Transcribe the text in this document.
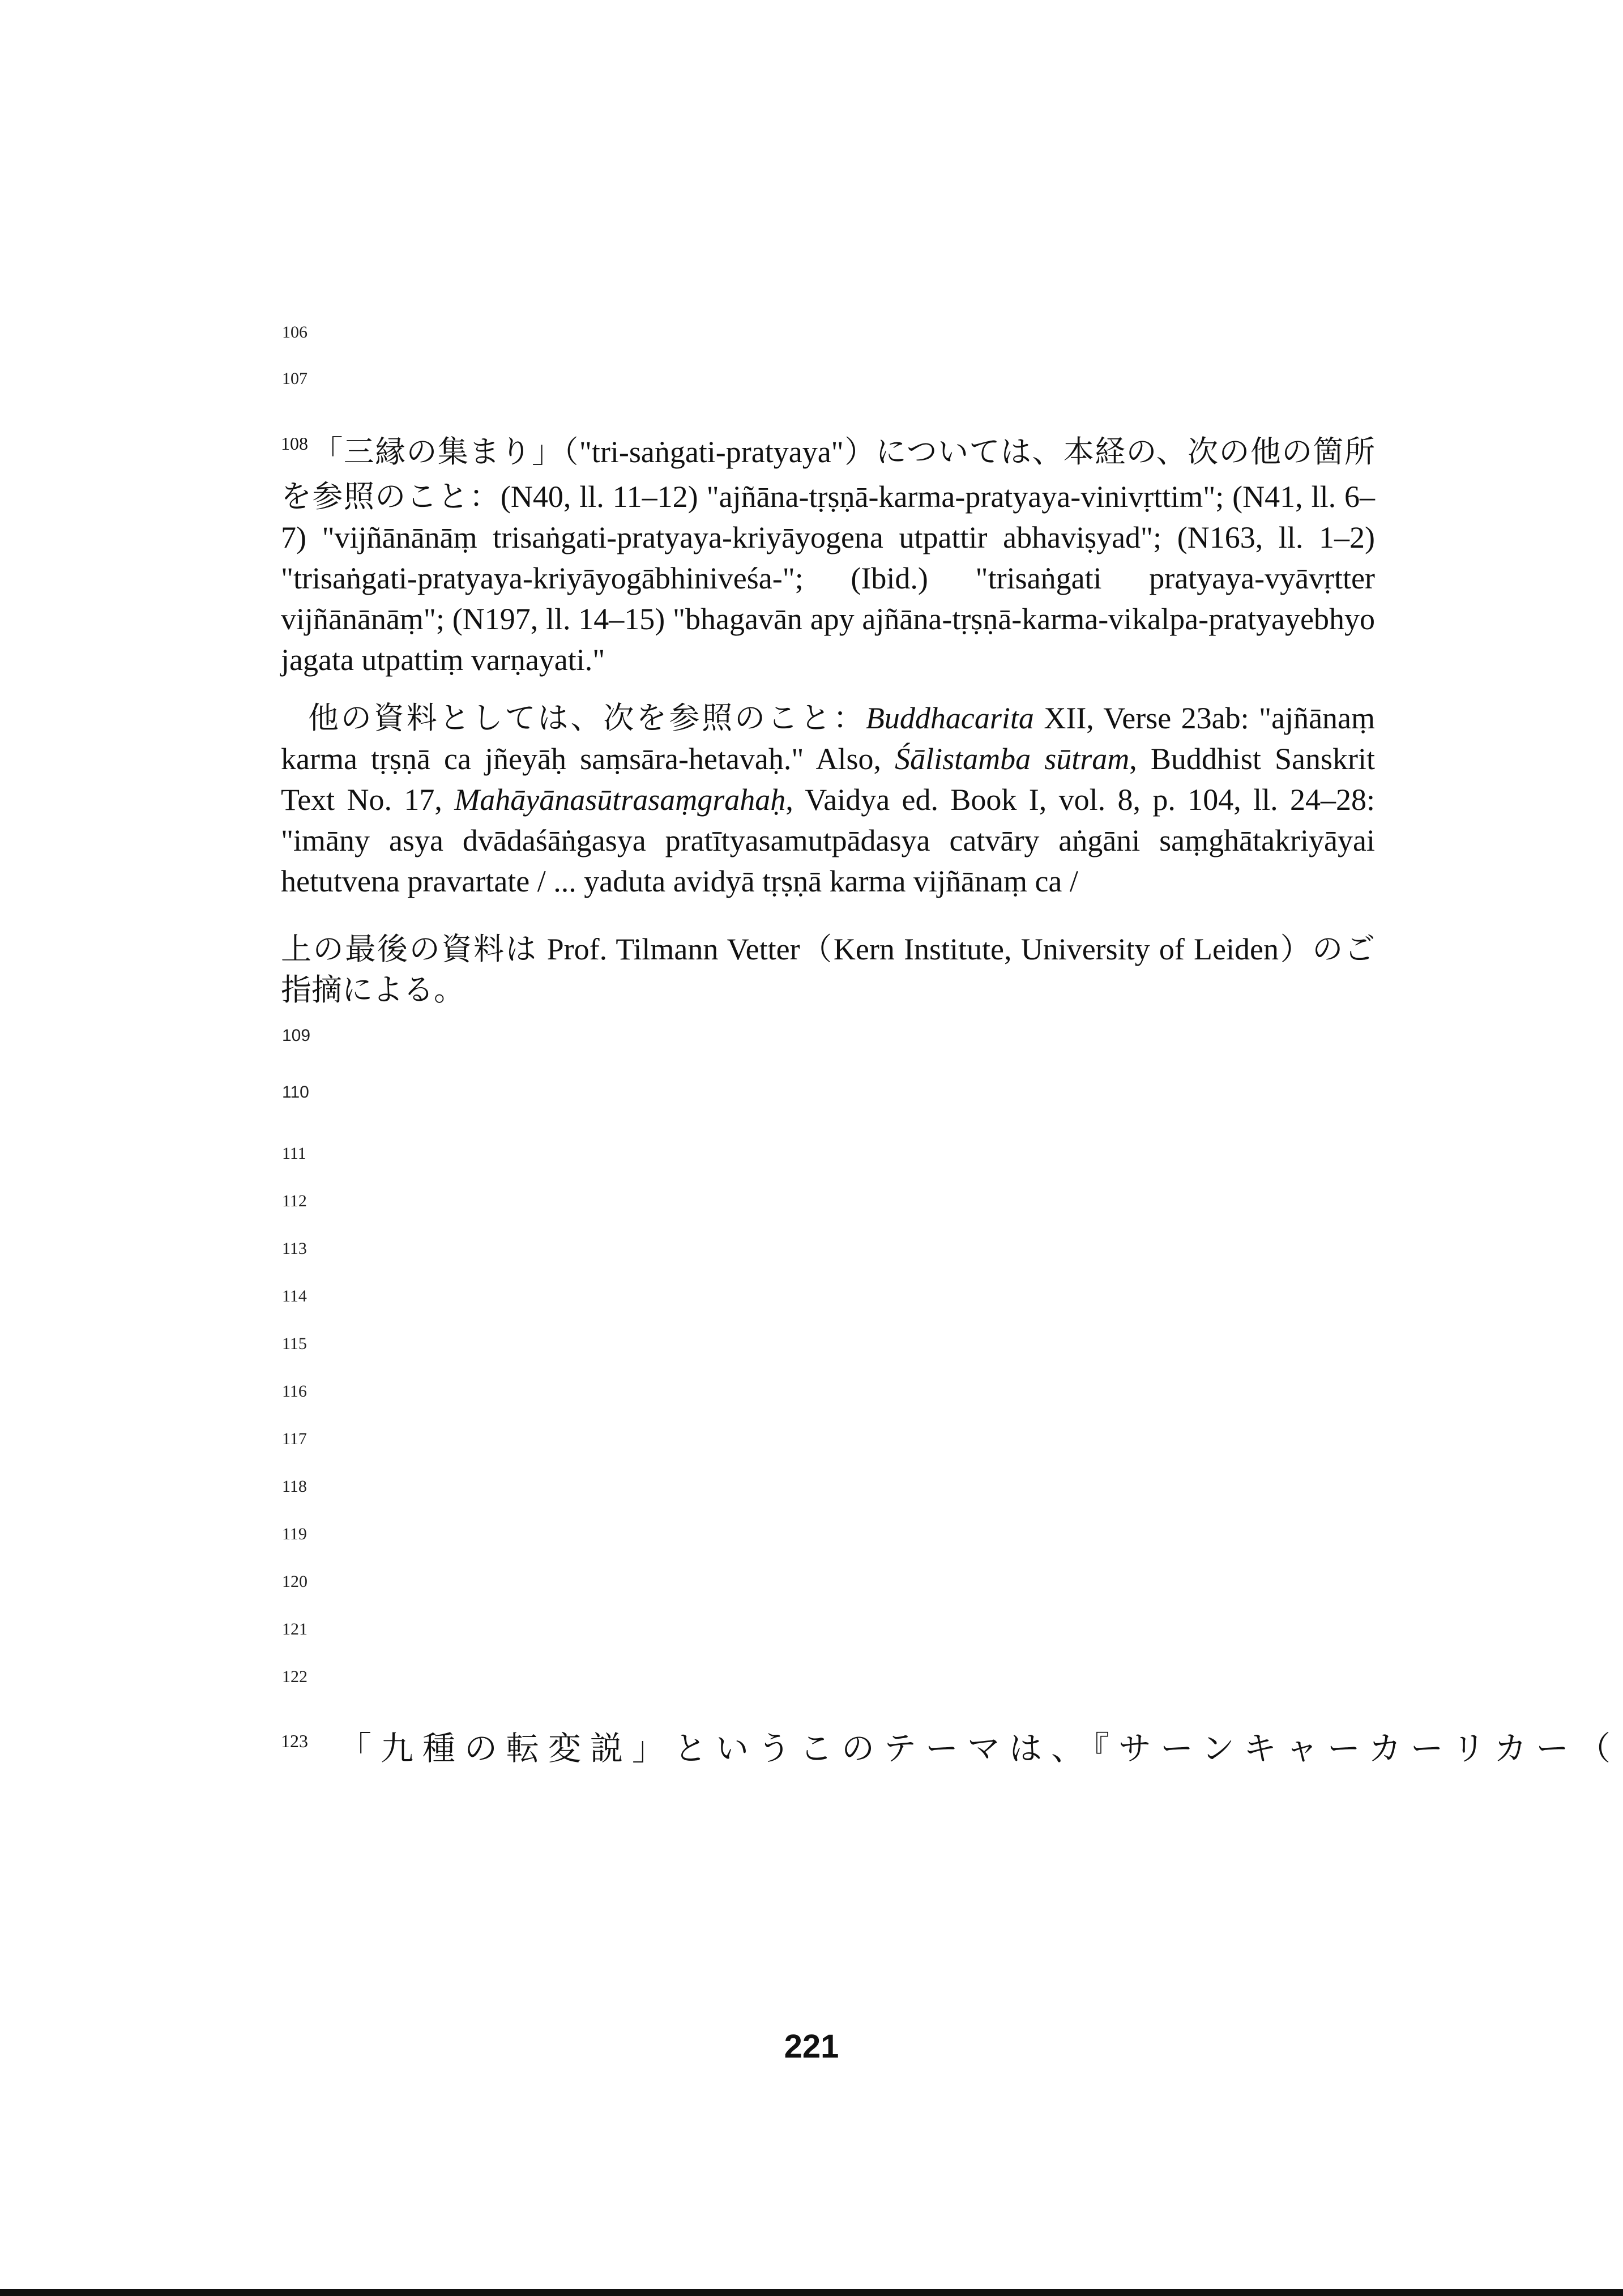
106
107
$^{108}$ 「三縁の集まり」（"tri-saṅgati-pratyaya"）については、本経の、次の他の箇所を参照のこと：(N40, ll. 11–12) "ajñāna-tṛṣṇā-karma-pratyaya-vinivṛttim"; (N41, ll. 6–7) "vijñānānāṃ trisaṅgati-pratyaya-kriyāyogena utpattir abhaviṣyad"; (N163, ll. 1–2) "trisaṅgati-pratyaya-kriyāyogābhiniveśa-"; (Ibid.) "trisaṅgati pratyaya-vyāvṛtter vijñānānāṃ"; (N197, ll. 14–15) "bhagavān apy ajñāna-tṛṣṇā-karma-vikalpa-pratyayebhyo jagata utpattiṃ varṇayati."
他の資料としては、次を参照のこと：Buddhacarita XII, Verse 23ab: "ajñānaṃ karma tṛṣṇā ca jñeyāḥ saṃsāra-hetavaḥ." Also, Śālistamba sūtram, Buddhist Sanskrit Text No. 17, Mahāyānasūtrasaṃgrahaḥ, Vaidya ed. Book I, vol. 8, p. 104, ll. 24–28: "imāny asya dvādaśāṅgasya pratītyasamutpādasya catvāry aṅgāni saṃghātakriyāyai hetutvena pravartate / ... yaduta avidyā tṛṣṇā karma vijñānaṃ ca /
上の最後の資料は Prof. Tilmann Vetter（Kern Institute, University of Leiden）のご指摘による。
109
110
111
112
113
114
115
116
117
118
119
120
121
122
$^{123}$ 「九種の転変説」というこのテーマは、『サーンキャーカーリカー（
221
